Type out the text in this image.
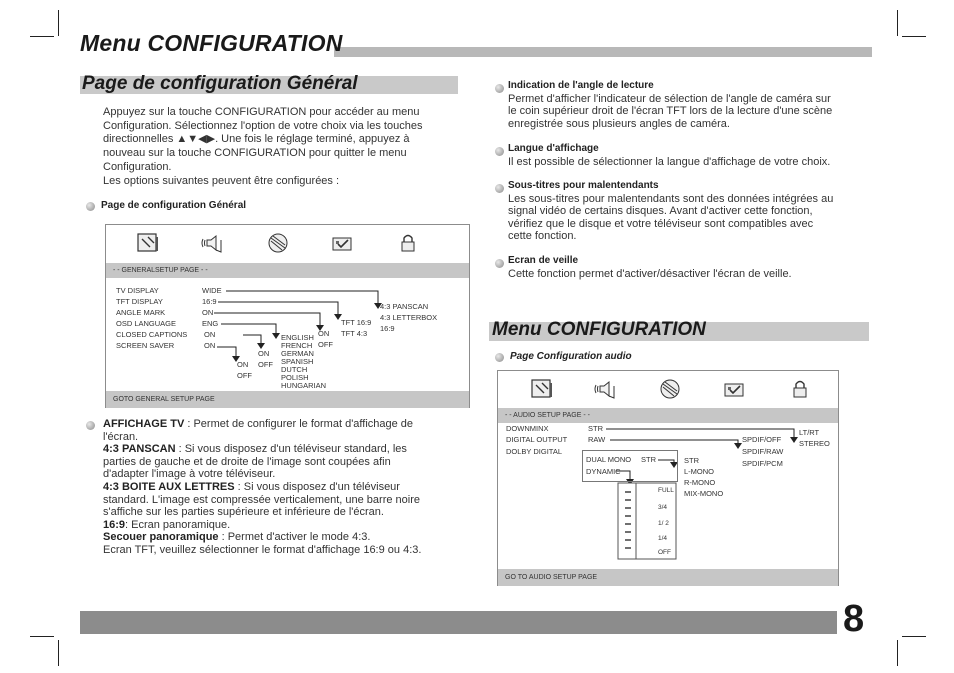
Menu CONFIGURATION
Page de configuration Général
Appuyez sur la touche CONFIGURATION pour accéder au menu
Configuration. Sélectionnez l'option de votre choix via les touches
directionnelles ▲▼◀▶. Une fois le réglage terminé, appuyez à
nouveau sur la touche CONFIGURATION pour quitter le menu
Configuration.
Les options suivantes peuvent être configurées :
Page de configuration Général
- - GENERALSETUP PAGE - -
TV DISPLAY
TFT DISPLAY
ANGLE MARK
OSD LANGUAGE
CLOSED CAPTIONS
SCREEN SAVER
WIDE
16:9
ON
ENG
ON
ON
4:3 PANSCAN
4:3 LETTERBOX
16:9
TFT 16:9
TFT 4:3
ON
OFF
ENGLISH
FRENCH
GERMAN
SPANISH
DUTCH
POLISH
HUNGARIAN
ON
OFF
ON
OFF
GOTO GENERAL SETUP PAGE
AFFICHAGE TV : Permet de configurer le format d'affichage de
l'écran.
4:3 PANSCAN : Si vous disposez d'un téléviseur standard, les
parties de gauche et de droite de l'image sont coupées afin
d'adapter l'image à votre téléviseur.
4:3 BOITE AUX LETTRES : Si vous disposez d'un téléviseur
standard. L'image est compressée verticalement, une barre noire
s'affiche sur les parties supérieure et inférieure de l'écran.
16:9: Ecran panoramique.
Secouer panoramique : Permet d'activer le mode 4:3.
Ecran TFT, veuillez sélectionner le format d'affichage 16:9 ou 4:3.
Indication de l'angle de lecture
Permet d'afficher l'indicateur de sélection de l'angle de caméra sur
le coin supérieur droit de l'écran TFT lors de la lecture d'une scène
enregistrée sous plusieurs angles de caméra.
Langue d'affichage
Il est possible de sélectionner la langue d'affichage de votre choix.
Sous-titres pour malentendants
Les sous-titres pour malentendants sont des données intégrées au
signal vidéo de certains disques. Avant d'activer cette fonction,
vérifiez que le disque et votre téléviseur sont compatibles avec
cette fonction.
Ecran de veille
Cette fonction permet d'activer/désactiver l'écran de veille.
Menu CONFIGURATION
Page Configuration audio
- - AUDIO SETUP PAGE - -
DOWNMINX
DIGITAL OUTPUT
DOLBY DIGITAL
STR
RAW
LT/RT
STEREO
SPDIF/OFF
SPDIF/RAW
SPDIF/PCM
DUAL MONO STR
DYNAMIC
STR
L-MONO
R-MONO
MIX-MONO
FULL
3/4
1/ 2
1/4
OFF
GO TO AUDIO SETUP PAGE
8
